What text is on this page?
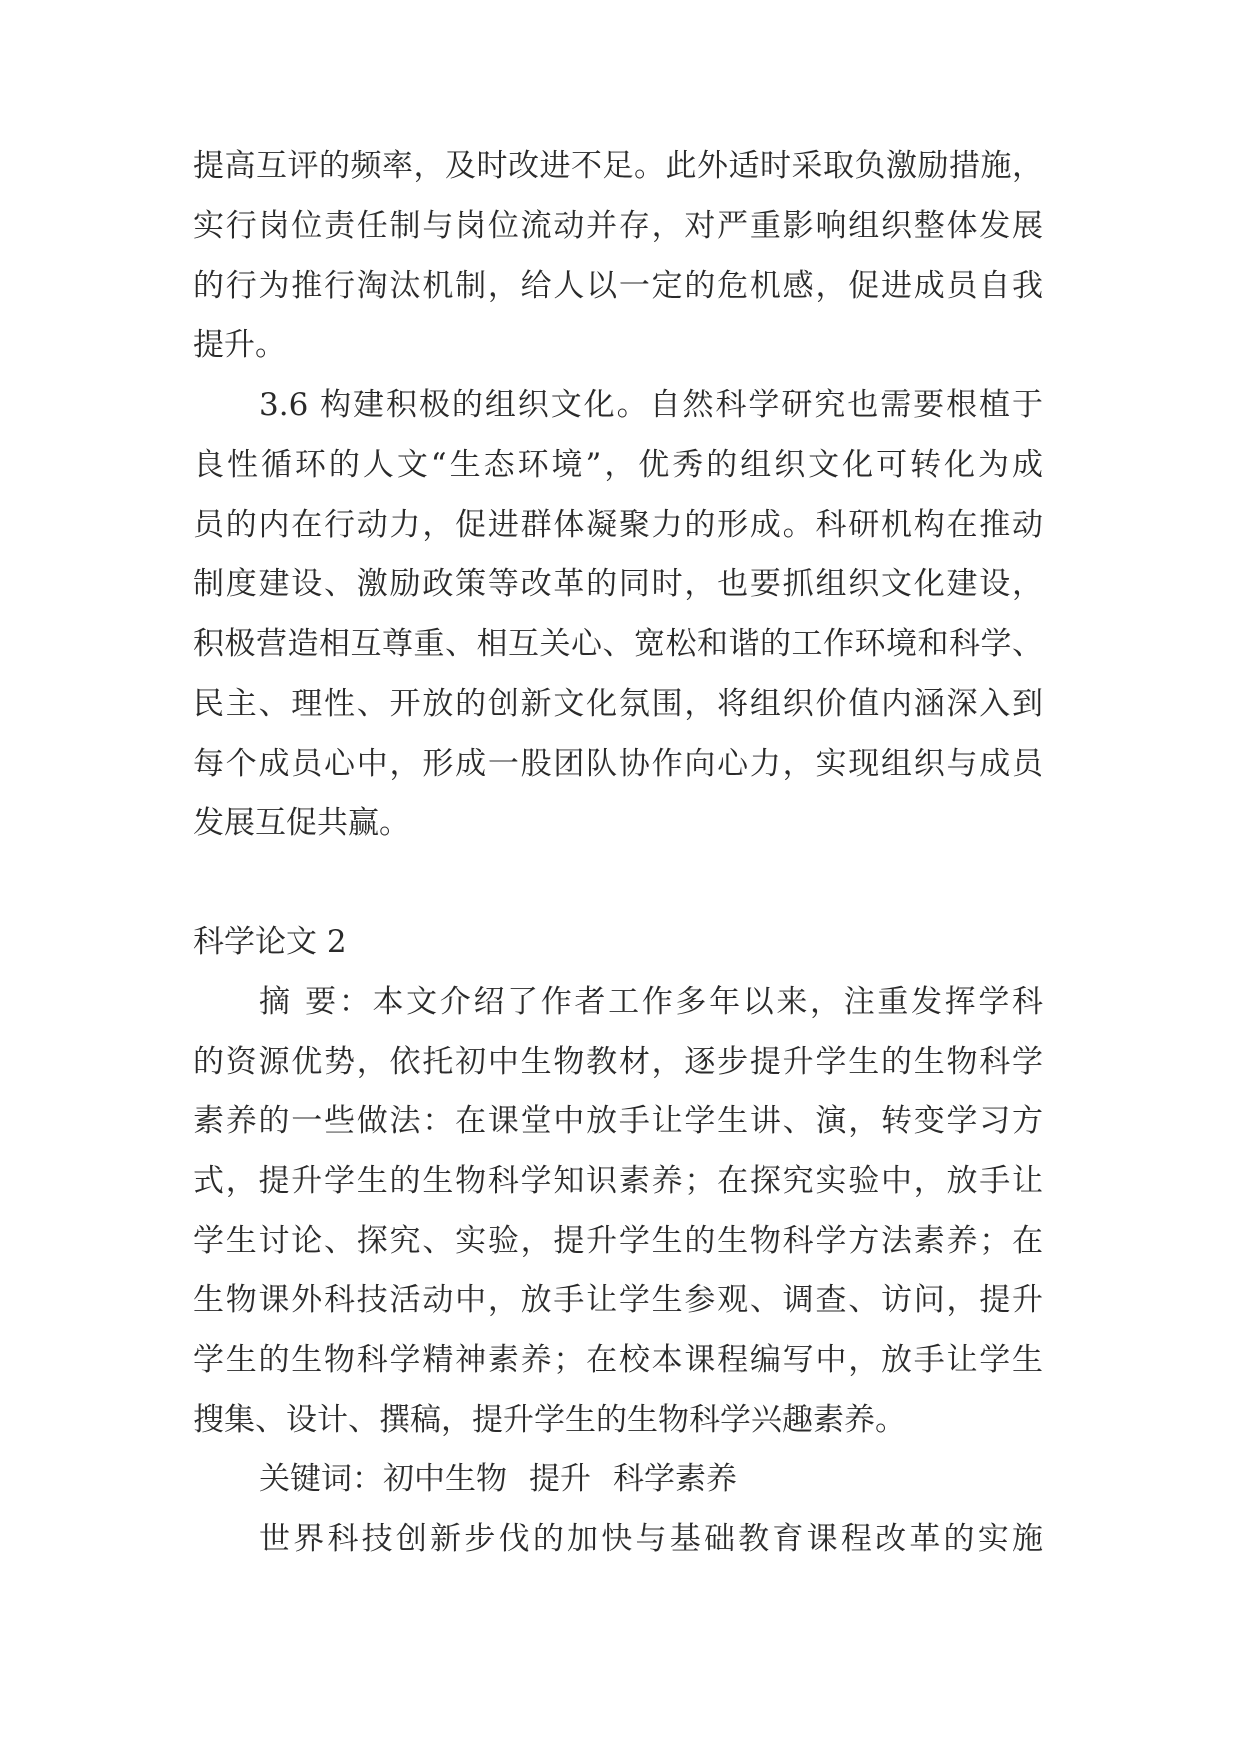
提高互评的频率，及时改进不足。此外适时采取负激励措施，
实行岗位责任制与岗位流动并存，对严重影响组织整体发展
的行为推行淘汰机制，给人以一定的危机感，促进成员自我
提升。
3.6 构建积极的组织文化。自然科学研究也需要根植于
良性循环的人文“生态环境”，优秀的组织文化可转化为成
员的内在行动力，促进群体凝聚力的形成。科研机构在推动
制度建设、激励政策等改革的同时，也要抓组织文化建设，
积极营造相互尊重、相互关心、宽松和谐的工作环境和科学、
民主、理性、开放的创新文化氛围，将组织价值内涵深入到
每个成员心中，形成一股团队协作向心力，实现组织与成员
发展互促共赢。
科学论文 2
摘 要：本文介绍了作者工作多年以来，注重发挥学科
的资源优势，依托初中生物教材，逐步提升学生的生物科学
素养的一些做法：在课堂中放手让学生讲、演，转变学习方
式，提升学生的生物科学知识素养；在探究实验中，放手让
学生讨论、探究、实验，提升学生的生物科学方法素养；在
生物课外科技活动中，放手让学生参观、调查、访问，提升
学生的生物科学精神素养；在校本课程编写中，放手让学生
搜集、设计、撰稿，提升学生的生物科学兴趣素养。
关键词：初中生物 提升 科学素养
世界科技创新步伐的加快与基础教育课程改革的实施
